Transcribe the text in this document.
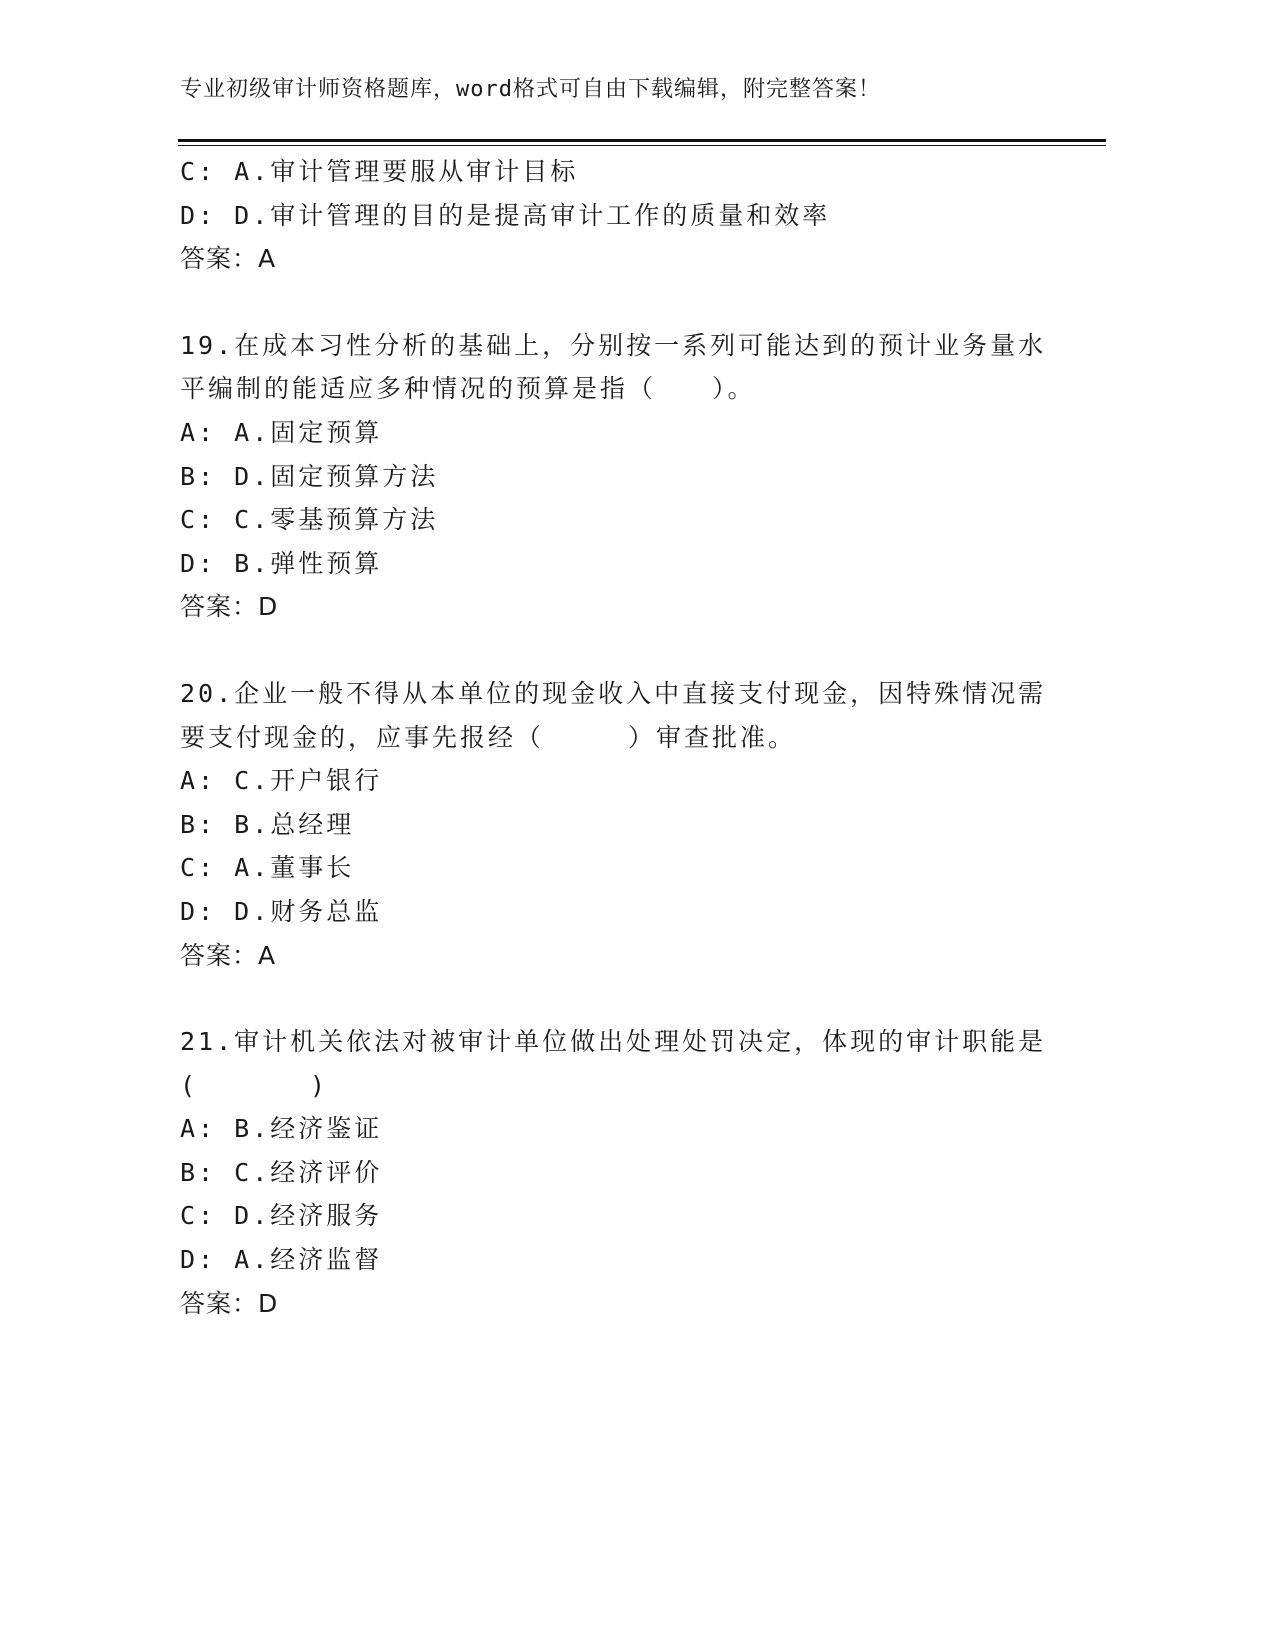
专业初级审计师资格题库，word格式可自由下载编辑，附完整答案！
C: A.审计管理要服从审计目标
D: D.审计管理的目的是提高审计工作的质量和效率
答案：A
19.在成本习性分析的基础上，分别按一系列可能达到的预计业务量水
平编制的能适应多种情况的预算是指（　　）。
A: A.固定预算
B: D.固定预算方法
C: C.零基预算方法
D: B.弹性预算
答案：D
20.企业一般不得从本单位的现金收入中直接支付现金，因特殊情况需
要支付现金的，应事先报经（　　　）审查批准。
A: C.开户银行
B: B.总经理
C: A.董事长
D: D.财务总监
答案：A
21.审计机关依法对被审计单位做出处理处罚决定，体现的审计职能是
(　　　　)
A: B.经济鉴证
B: C.经济评价
C: D.经济服务
D: A.经济监督
答案：D
